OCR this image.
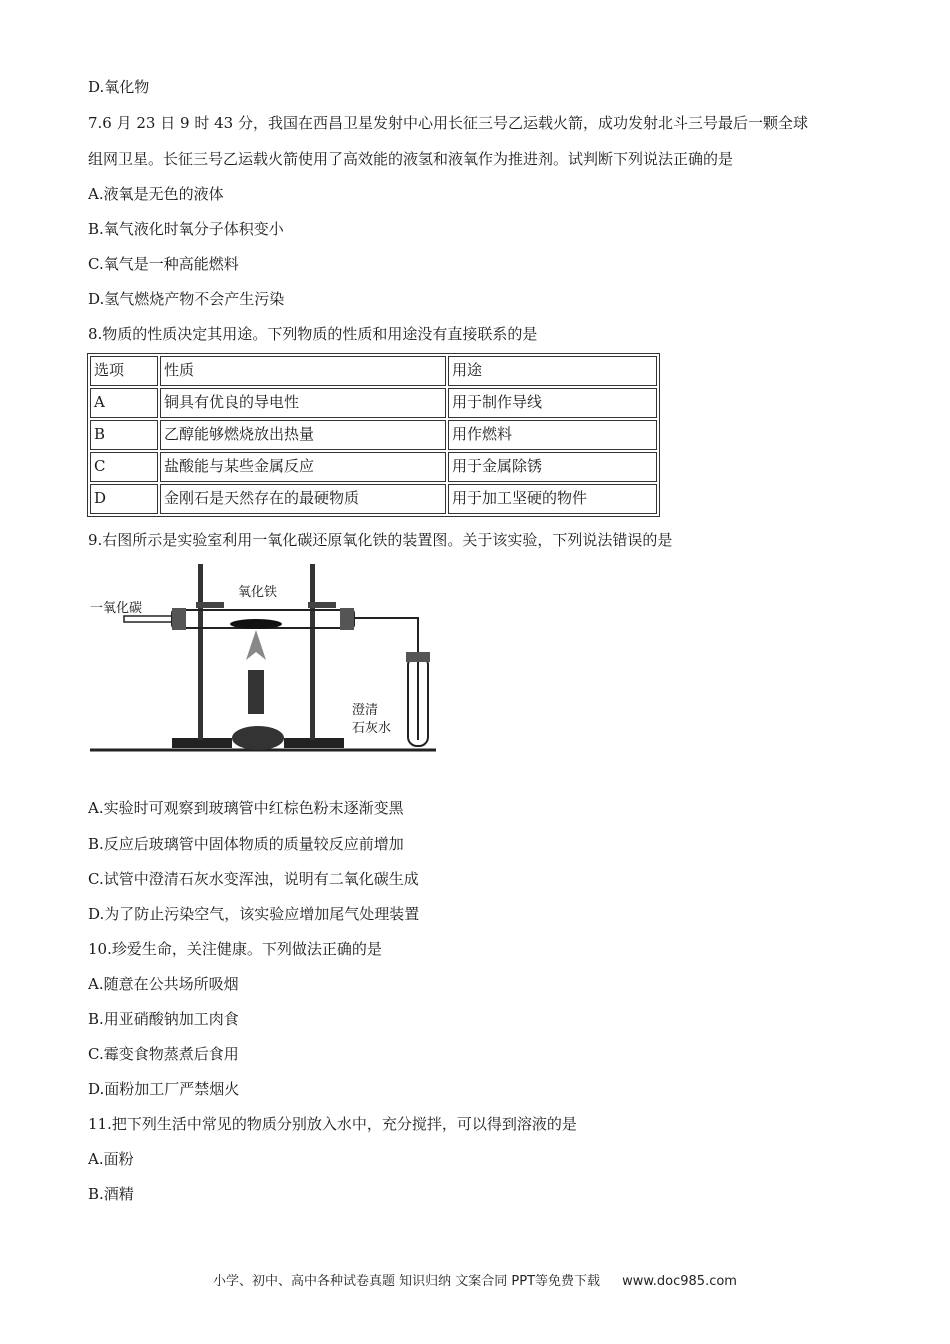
D.氧化物
7.6 月 23 日 9 时 43 分，我国在西昌卫星发射中心用长征三号乙运载火箭，成功发射北斗三号最后一颗全球
组网卫星。长征三号乙运载火箭使用了高效能的液氢和液氧作为推进剂。试判断下列说法正确的是
A.液氧是无色的液体
B.氧气液化时氧分子体积变小
C.氧气是一种高能燃料
D.氢气燃烧产物不会产生污染
8.物质的性质决定其用途。下列物质的性质和用途没有直接联系的是
选项	性质	用途
A	铜具有优良的导电性	用于制作导线
B	乙醇能够燃烧放出热量	用作燃料
C	盐酸能与某些金属反应	用于金属除锈
D	金刚石是天然存在的最硬物质	用于加工坚硬的物件
9.右图所示是实验室利用一氧化碳还原氧化铁的装置图。关于该实验，下列说法错误的是
一氧化碳
氧化铁
澄清
石灰水
A.实验时可观察到玻璃管中红棕色粉末逐渐变黑
B.反应后玻璃管中固体物质的质量较反应前增加
C.试管中澄清石灰水变浑浊，说明有二氧化碳生成
D.为了防止污染空气，该实验应增加尾气处理装置
10.珍爱生命，关注健康。下列做法正确的是
A.随意在公共场所吸烟
B.用亚硝酸钠加工肉食
C.霉变食物蒸煮后食用
D.面粉加工厂严禁烟火
11.把下列生活中常见的物质分别放入水中，充分搅拌，可以得到溶液的是
A.面粉
B.酒精
小学、初中、高中各种试卷真题 知识归纳 文案合同 PPT等免费下载 www.doc985.com
